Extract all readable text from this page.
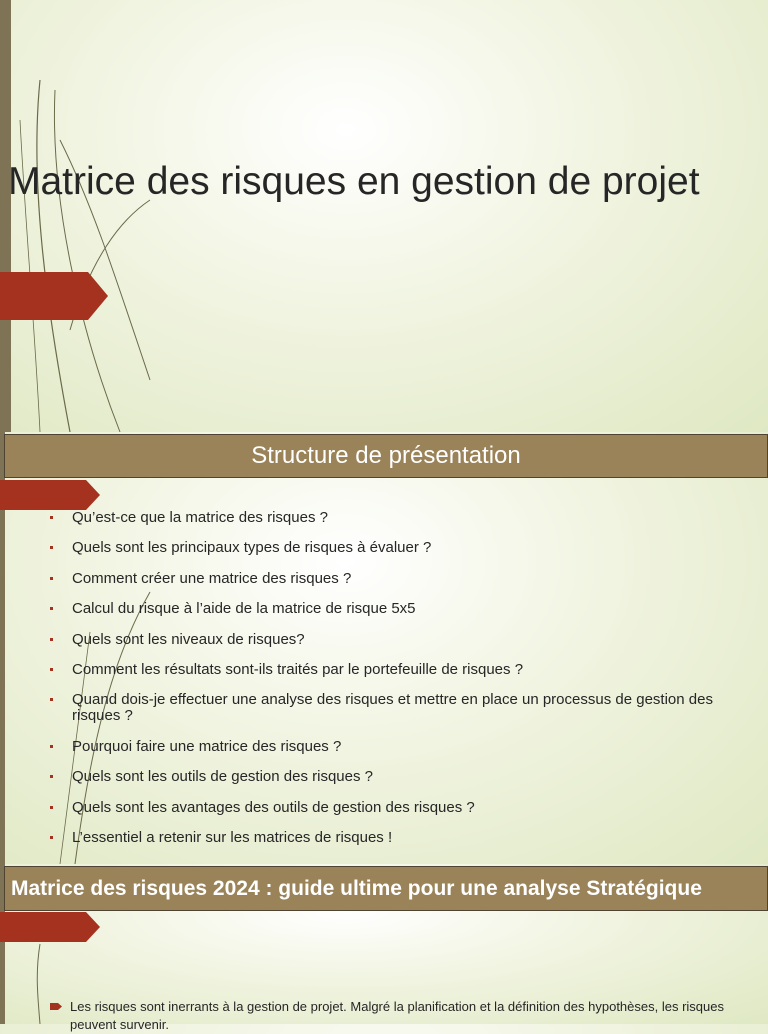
Matrice des risques en gestion de projet
Structure de présentation
Qu’est-ce que la matrice des risques ?
Quels sont les principaux types de risques à évaluer ?
Comment créer une matrice des risques ?
Calcul du risque à l’aide de la matrice de risque 5x5
Quels sont les niveaux de risques?
Comment les résultats sont-ils traités par le portefeuille de risques ?
Quand dois-je effectuer une analyse des risques et mettre en place un processus de gestion des risques ?
Pourquoi faire une matrice des risques ?
Quels sont les outils de gestion des risques ?
Quels sont les avantages des outils de gestion des risques ?
L’essentiel a retenir sur les matrices de risques !
Matrice des risques 2024 : guide ultime pour une analyse Stratégique
Les risques sont inerrants à la gestion de projet. Malgré la planification et la définition des hypothèses, les risques peuvent survenir.
